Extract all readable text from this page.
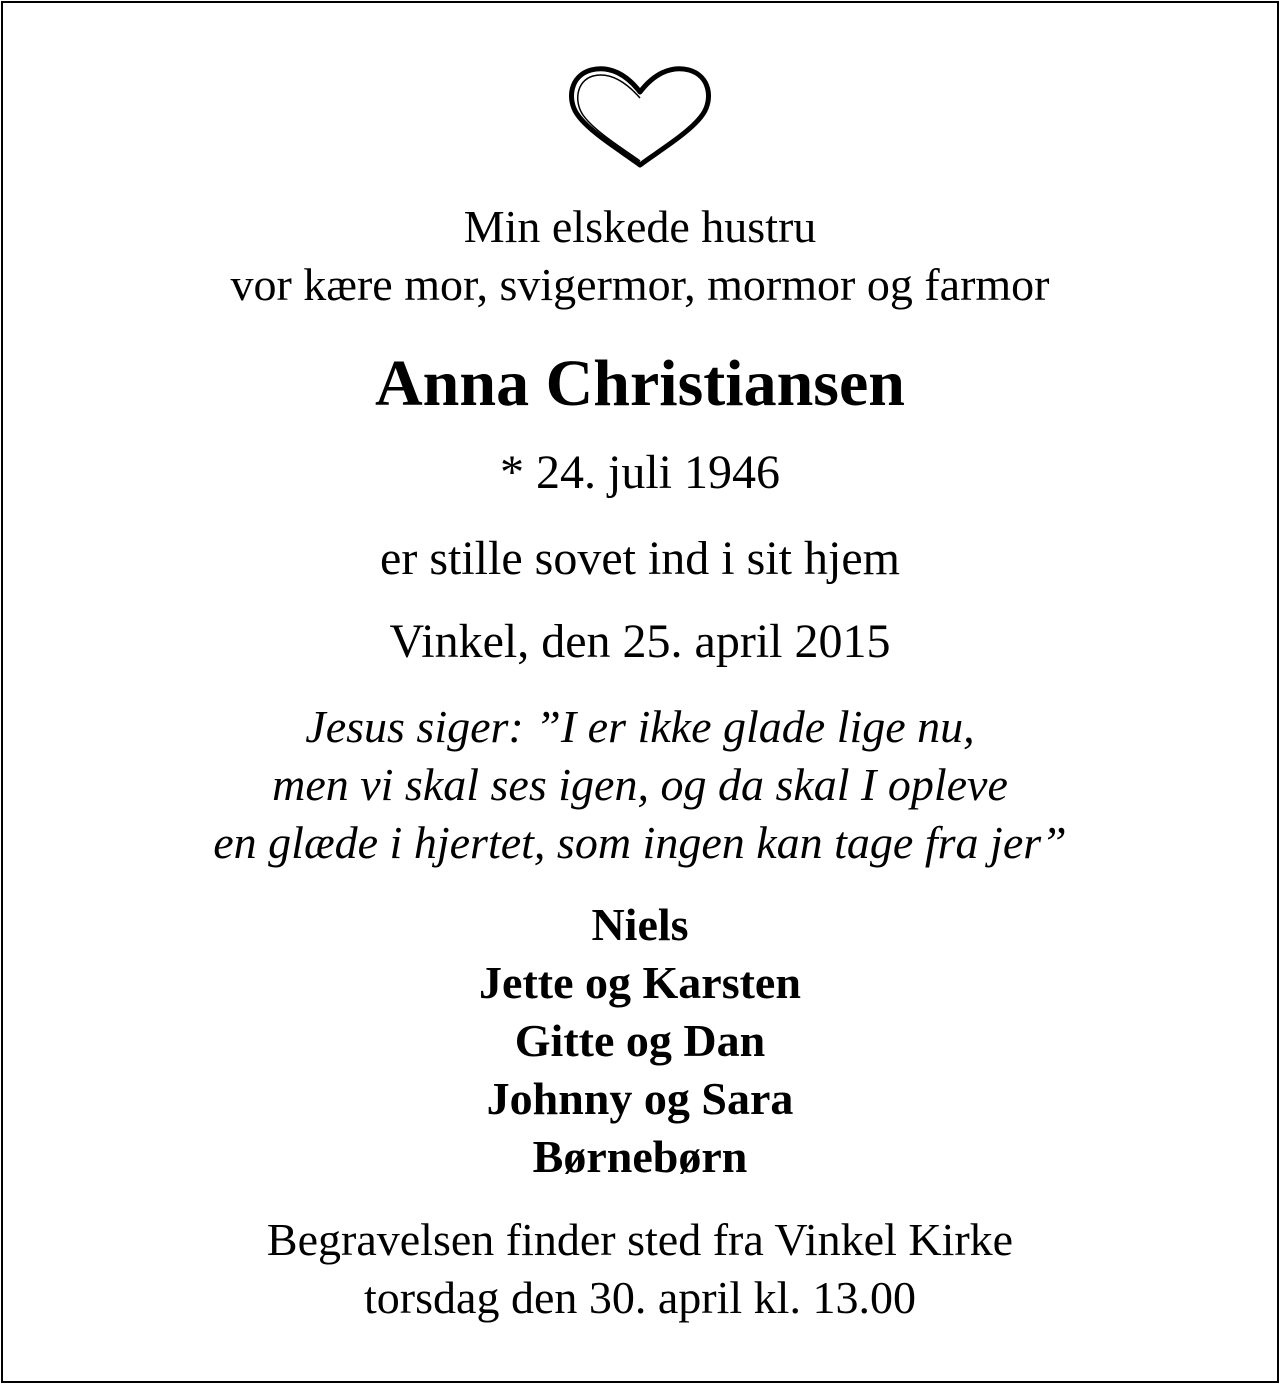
Min elskede hustru
vor kære mor, svigermor, mormor og farmor
Anna Christiansen
* 24. juli 1946
er stille sovet ind i sit hjem
Vinkel, den 25. april 2015
Jesus siger: ”I er ikke glade lige nu,
men vi skal ses igen, og da skal I opleve
en glæde i hjertet, som ingen kan tage fra jer”
Niels
Jette og Karsten
Gitte og Dan
Johnny og Sara
Børnebørn
Begravelsen finder sted fra Vinkel Kirke
torsdag den 30. april kl. 13.00
